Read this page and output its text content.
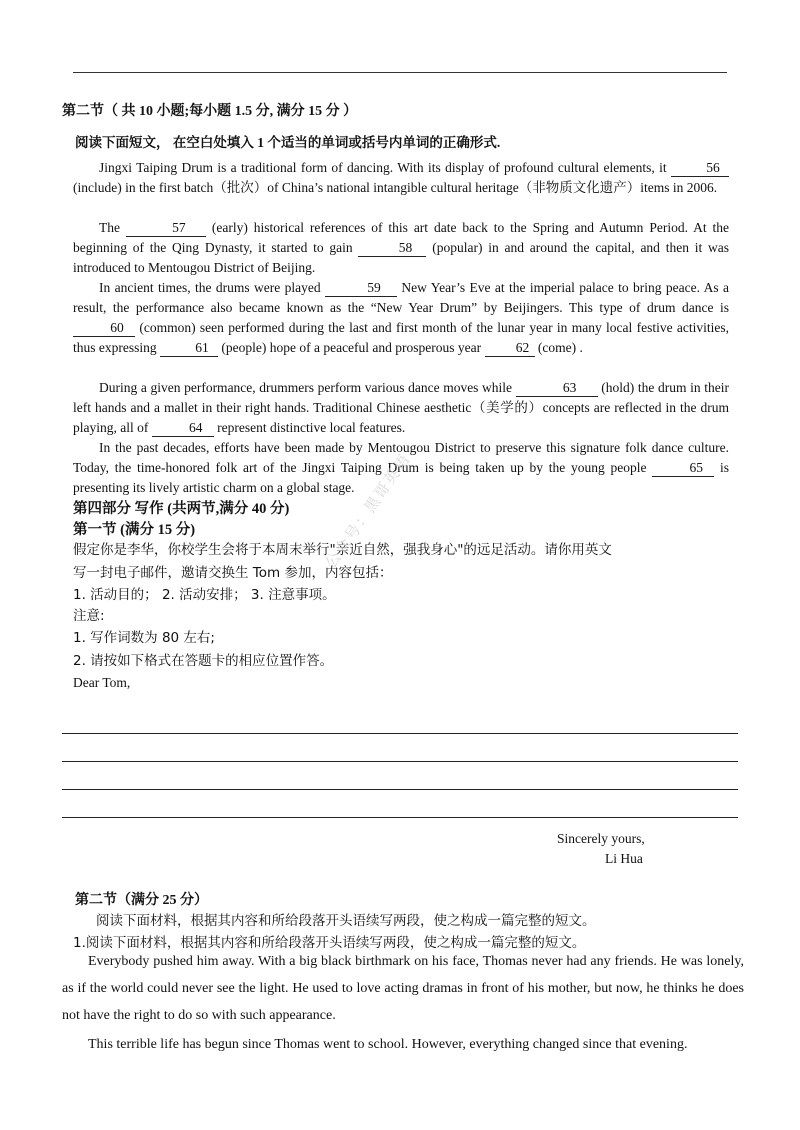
第二节（ 共 10 小题;每小题 1.5 分, 满分 15 分 ）
阅读下面短文， 在空白处填入 1 个适当的单词或括号内单词的正确形式.
Jingxi Taiping Drum is a traditional form of dancing. With its display of profound cultural elements, it	56 (include) in the first batch（批次）of China’s national intangible cultural heritage（非物质文化遗产）items in 2006.
The	57 (early) historical references of this art date back to the Spring and Autumn Period. At the beginning of the Qing Dynasty, it started to gain	58 (popular) in and around the capital, and then it was introduced to Mentougou District of Beijing.
In ancient times, the drums were played	59 New Year’s Eve at the imperial palace to bring peace. As a result, the performance also became known as the “New Year Drum” by Beijingers. This type of drum dance is 60 (common) seen performed during the last and first month of the lunar year in many local festive activities, thus expressing	61 (people) hope of a peaceful and prosperous year	62 (come) .
During a given performance, drummers perform various dance moves while	63 (hold) the drum in their left hands and a mallet in their right hands. Traditional Chinese aesthetic（美学的）concepts are reflected in the drum playing, all of	64 represent distinctive local features.
In the past decades, efforts have been made by Mentougou District to preserve this signature folk dance culture. Today, the time-honored folk art of the Jingxi Taiping Drum is being taken up by the young people	65 is presenting its lively artistic charm on a global stage.
第四部分 写作 (共两节,满分 40 分)
第一节 (满分 15 分)
假定你是李华，你校学生会将于本周末举行"亲近自然，强我身心"的远足活动。请你用英文
写一封电子邮件，邀请交换生 Tom 参加，内容包括：
1. 活动目的； 2. 活动安排； 3. 注意事项。
注意:
1. 写作词数为 80 左右;
2. 请按如下格式在答题卡的相应位置作答。
Dear Tom,
Sincerely yours,
Li Hua
第二节（满分 25 分）
阅读下面材料，根据其内容和所给段落开头语续写两段，使之构成一篇完整的短文。
1.阅读下面材料，根据其内容和所给段落开头语续写两段，使之构成一篇完整的短文。
Everybody pushed him away. With a big black birthmark on his face, Thomas never had any friends. He was lonely, as if the world could never see the light. He used to love acting dramas in front of his mother, but now, he thinks he does not have the right to do so with such appearance.
This terrible life has begun since Thomas went to school. However, everything changed since that evening.
公众号：黑哥英语
